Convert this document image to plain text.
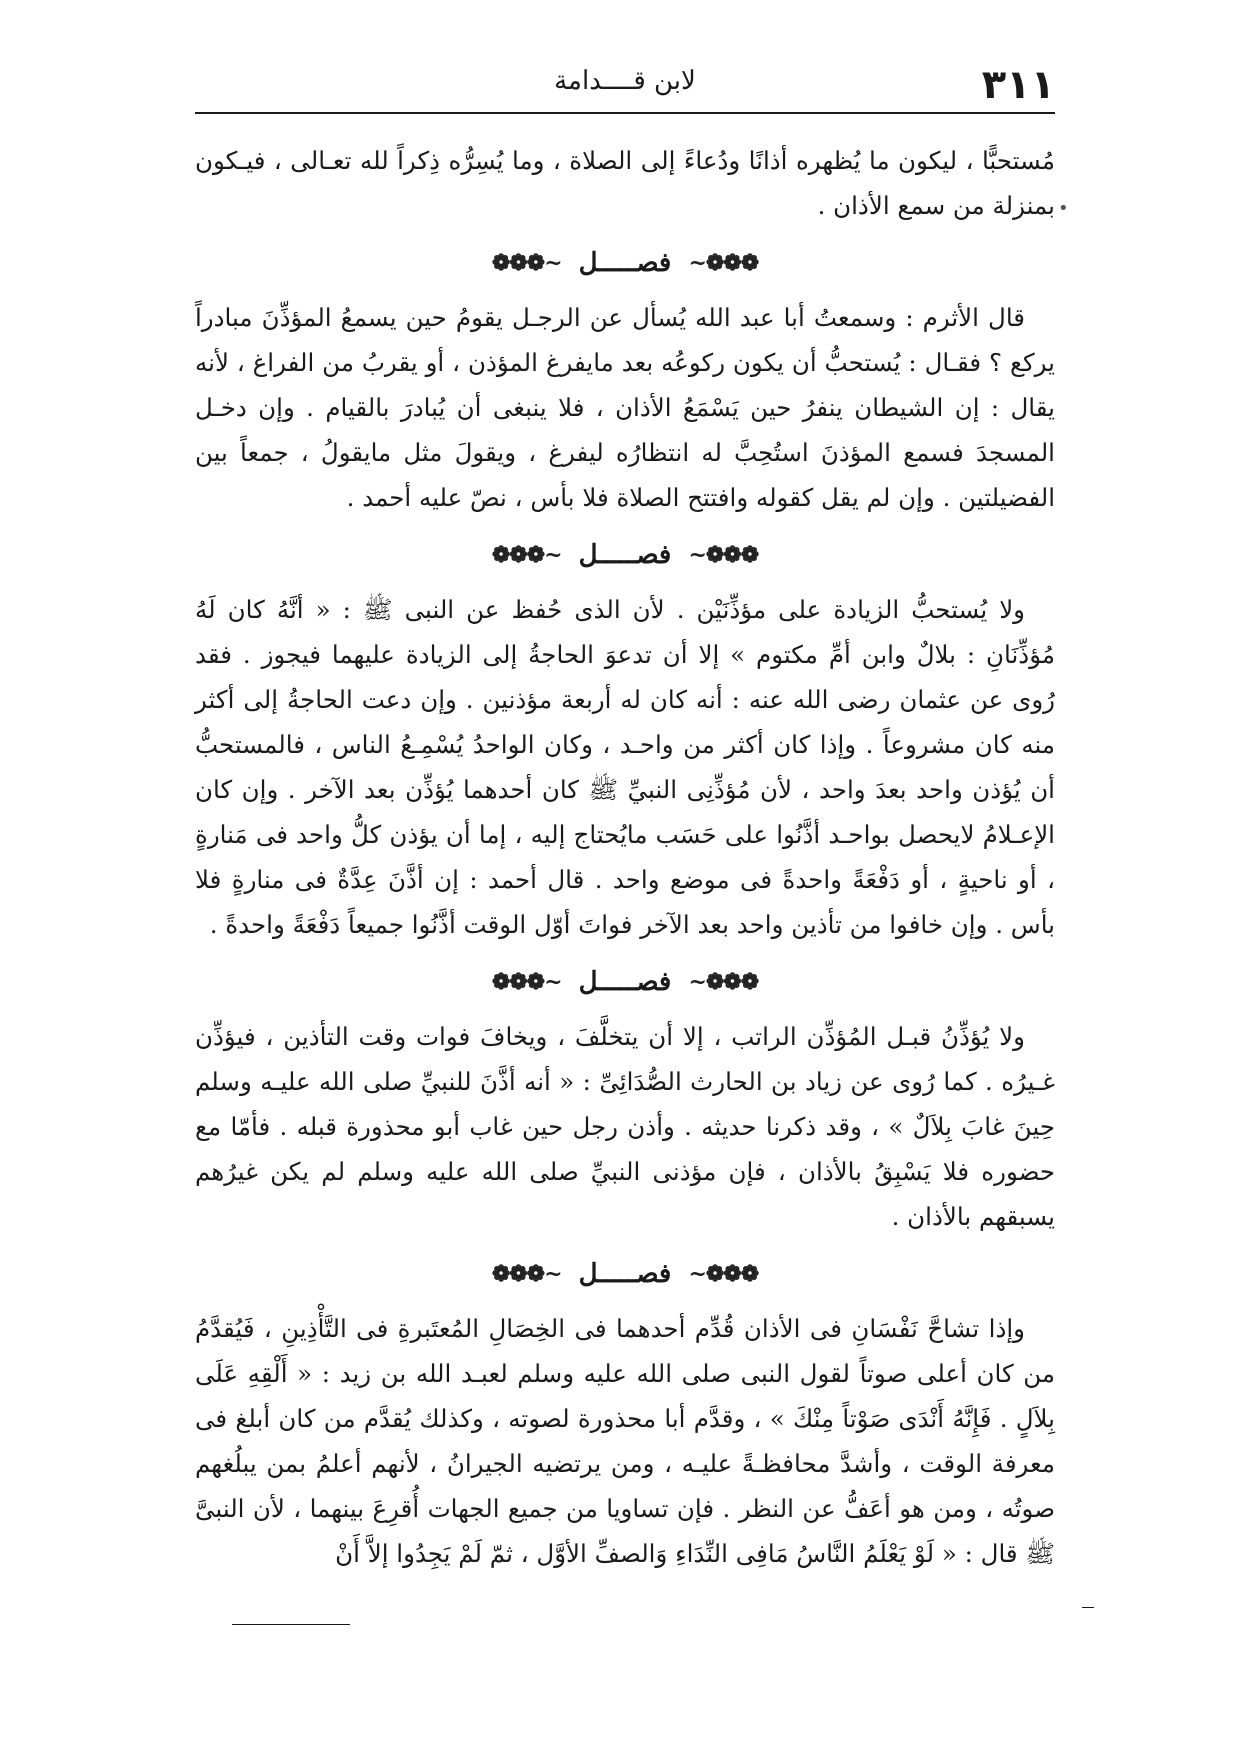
٣١١
لابن قــــدامة
•

مُستحبًّا ، ليكون ما يُظهره أذانًا ودُعاءً إلى الصلاة ، وما يُسِرُّه ذِكراً لله تعـالى ، فيـكون بمنزلة من سمع الأذان .

❁❁❁~ فصـــــل ~❁❁❁

قال الأثرم : وسمعتُ أبا عبد الله يُسأل عن الرجـل يقومُ حين يسمعُ المؤذِّنَ مبادراً يركع ؟ فقـال : يُستحبُّ أن يكون ركوعُه بعد مايفرغ المؤذن ، أو يقربُ من الفراغ ، لأنه يقال : إن الشيطان ينفرُ حين يَسْمَعُ الأذان ، فلا ينبغى أن يُبادرَ بالقيام . وإن دخـل المسجدَ فسمع المؤذنَ استُحِبَّ له انتظارُه ليفرغ ، ويقولَ مثل مايقولُ ، جمعاً بين الفضيلتين . وإن لم يقل كقوله وافتتح الصلاة فلا بأس ، نصّ عليه أحمد .

❁❁❁~ فصـــــل ~❁❁❁

ولا يُستحبُّ الزيادة على مؤذِّنَيْن . لأن الذى حُفظ عن النبى ﷺ : « أنَّهُ كان لَهُ مُؤذِّنَانِ : بلالٌ وابن أمِّ مكتوم » إلا أن تدعوَ الحاجةُ إلى الزيادة عليهما فيجوز . فقد رُوى عن عثمان رضى الله عنه : أنه كان له أربعة مؤذنين . وإن دعت الحاجةُ إلى أكثر منه كان مشروعاً . وإذا كان أكثر من واحـد ، وكان الواحدُ يُسْمِـعُ الناس ، فالمستحبُّ أن يُؤذن واحد بعدَ واحد ، لأن مُؤذِّنِى النبيِّ ﷺ كان أحدهما يُؤذِّن بعد الآخر . وإن كان الإعـلامُ لايحصل بواحـد أذَّنُوا على حَسَب مايُحتاج إليه ، إما أن يؤذن كلُّ واحد فى مَنارةٍ ، أو ناحيةٍ ، أو دَفْعَةً واحدةً فى موضع واحد . قال أحمد : إن أذَّنَ عِدَّةٌ فى منارةٍ فلا بأس . وإن خافوا من تأذين واحد بعد الآخر فواتَ أوّل الوقت أذَّنُوا جميعاً دَفْعَةً واحدةً .

❁❁❁~ فصـــــل ~❁❁❁

ولا يُؤذِّنُ قبـل المُؤذِّن الراتب ، إلا أن يتخلَّفَ ، ويخافَ فوات وقت التأذين ، فيؤذِّن غـيرُه . كما رُوى عن زياد بن الحارث الصُّدَائِىِّ : « أنه أذَّنَ للنبيِّ صلى الله عليـه وسلم حِينَ غابَ بِلاَلٌ » ، وقد ذكرنا حديثه . وأذن رجل حين غاب أبو محذورة قبله . فأمّا مع حضوره فلا يَسْبِقُ بالأذان ، فإن مؤذنى النبيِّ صلى الله عليه وسلم لم يكن غيرُهم يسبقهم بالأذان .

❁❁❁~ فصـــــل ~❁❁❁

وإذا تشاحَّ نَفْسَانِ فى الأذان قُدِّم أحدهما فى الخِصَالِ المُعتَبرةِ فى التَّأْذِينِ ، فَيُقدَّمُ من كان أعلى صوتاً لقول النبى صلى الله عليه وسلم لعبـد الله بن زيد : « أَلْقِهِ عَلَى بِلاَلٍ . فَإِنَّهُ أَنْدَى صَوْتاً مِنْكَ » ، وقدَّم أبا محذورة لصوته ، وكذلك يُقدَّم من كان أبلغ فى معرفة الوقت ، وأشدَّ محافظـةً عليـه ، ومن يرتضيه الجيرانُ ، لأنهم أعلمُ بمن يبلُغهم صوتُه ، ومن هو أعَفُّ عن النظر . فإن تساويا من جميع الجهات أُقرِعَ بينهما ، لأن النبىَّ ﷺ قال : « لَوْ يَعْلَمُ النَّاسُ مَافِى النِّدَاءِ وَالصفِّ الأوَّل ، ثمّ لَمْ يَجِدُوا إلاَّ أَنْ
